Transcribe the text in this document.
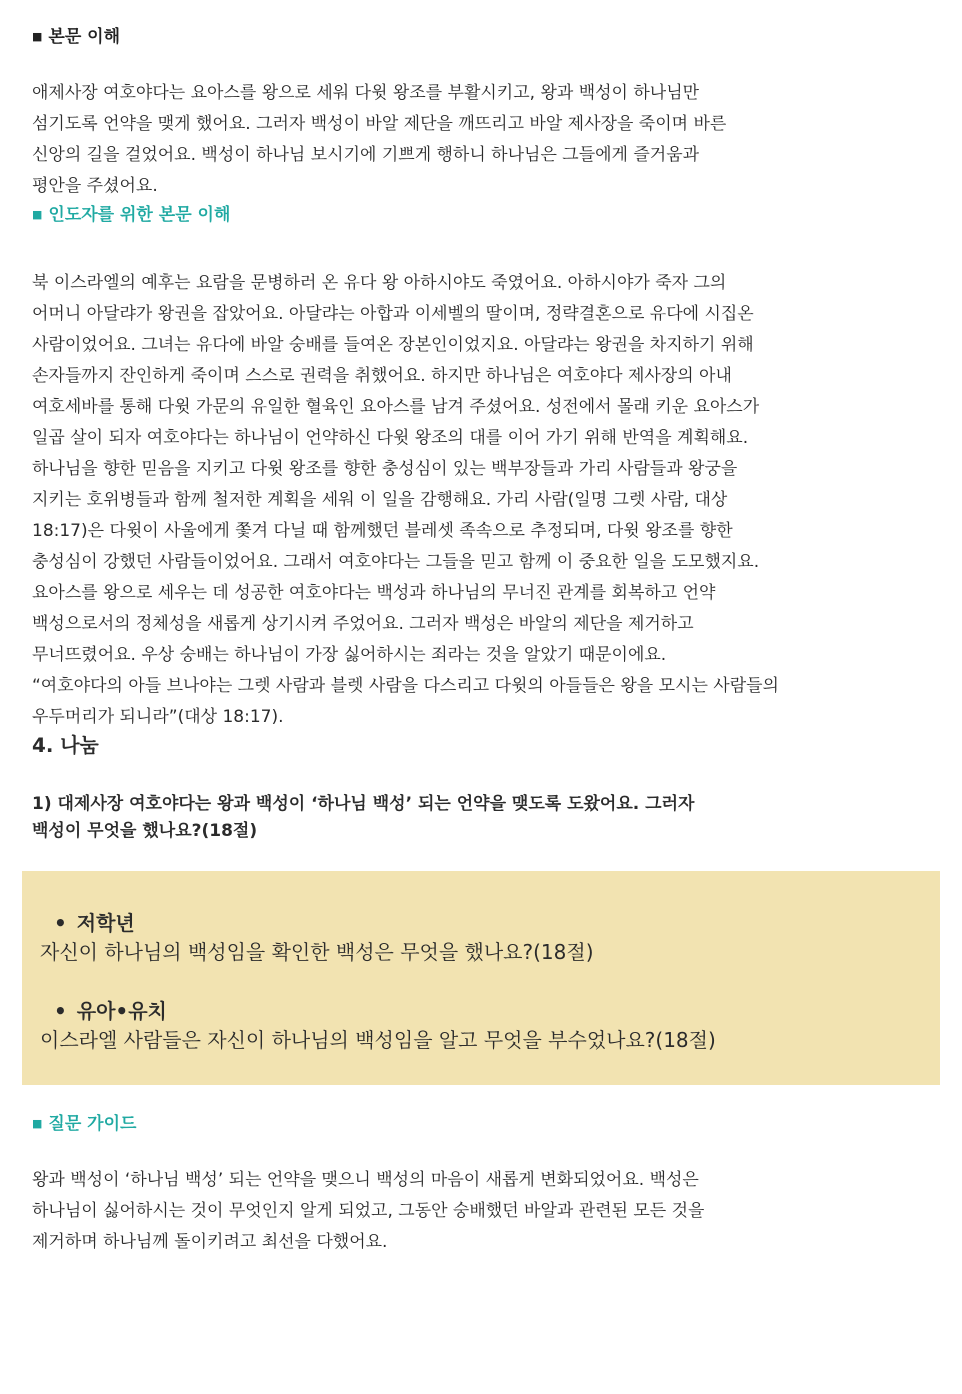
■ 본문 이해

애제사장 여호야다는 요아스를 왕으로 세워 다윗 왕조를 부활시키고, 왕과 백성이 하나님만
섬기도록 언약을 맺게 했어요. 그러자 백성이 바알 제단을 깨뜨리고 바알 제사장을 죽이며 바른
신앙의 길을 걸었어요. 백성이 하나님 보시기에 기쁘게 행하니 하나님은 그들에게 즐거움과
평안을 주셨어요.

■ 인도자를 위한 본문 이해

북 이스라엘의 예후는 요람을 문병하러 온 유다 왕 아하시야도 죽였어요. 아하시야가 죽자 그의
어머니 아달랴가 왕권을 잡았어요. 아달랴는 아합과 이세벨의 딸이며, 정략결혼으로 유다에 시집온
사람이었어요. 그녀는 유다에 바알 숭배를 들여온 장본인이었지요. 아달랴는 왕권을 차지하기 위해
손자들까지 잔인하게 죽이며 스스로 권력을 취했어요. 하지만 하나님은 여호야다 제사장의 아내
여호세바를 통해 다윗 가문의 유일한 혈육인 요아스를 남겨 주셨어요. 성전에서 몰래 키운 요아스가
일곱 살이 되자 여호야다는 하나님이 언약하신 다윗 왕조의 대를 이어 가기 위해 반역을 계획해요.
하나님을 향한 믿음을 지키고 다윗 왕조를 향한 충성심이 있는 백부장들과 가리 사람들과 왕궁을
지키는 호위병들과 함께 철저한 계획을 세워 이 일을 감행해요. 가리 사람(일명 그렛 사람, 대상
18:17)은 다윗이 사울에게 쫓겨 다닐 때 함께했던 블레셋 족속으로 추정되며, 다윗 왕조를 향한
충성심이 강했던 사람들이었어요. 그래서 여호야다는 그들을 믿고 함께 이 중요한 일을 도모했지요.
요아스를 왕으로 세우는 데 성공한 여호야다는 백성과 하나님의 무너진 관계를 회복하고 언약
백성으로서의 정체성을 새롭게 상기시켜 주었어요. 그러자 백성은 바알의 제단을 제거하고
무너뜨렸어요. 우상 숭배는 하나님이 가장 싫어하시는 죄라는 것을 알았기 때문이에요.

“여호야다의 아들 브나야는 그렛 사람과 블렛 사람을 다스리고 다윗의 아들들은 왕을 모시는 사람들의
우두머리가 되니라”(대상 18:17).

4. 나눔

1) 대제사장 여호야다는 왕과 백성이 ‘하나님 백성’ 되는 언약을 맺도록 도왔어요. 그러자
백성이 무엇을 했나요?(18절)

• 저학년

자신이 하나님의 백성임을 확인한 백성은 무엇을 했나요?(18절)

• 유아•유치

이스라엘 사람들은 자신이 하나님의 백성임을 알고 무엇을 부수었나요?(18절)

■ 질문 가이드

왕과 백성이 ‘하나님 백성’ 되는 언약을 맺으니 백성의 마음이 새롭게 변화되었어요. 백성은
하나님이 싫어하시는 것이 무엇인지 알게 되었고, 그동안 숭배했던 바알과 관련된 모든 것을
제거하며 하나님께 돌이키려고 최선을 다했어요.
